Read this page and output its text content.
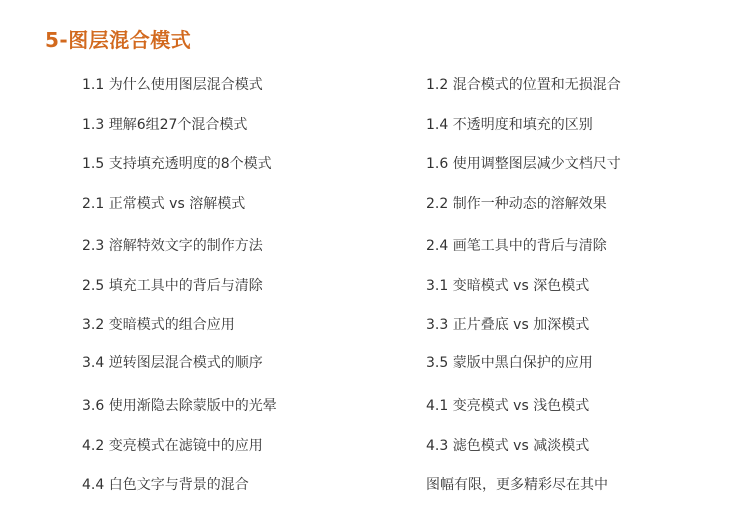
5-图层混合模式
1.1 为什么使用图层混合模式	1.2 混合模式的位置和无损混合
1.3 理解6组27个混合模式	1.4 不透明度和填充的区别
1.5 支持填充透明度的8个模式	1.6 使用调整图层减少文档尺寸
2.1 正常模式 vs 溶解模式	2.2 制作一种动态的溶解效果
2.3 溶解特效文字的制作方法	2.4 画笔工具中的背后与清除
2.5 填充工具中的背后与清除	3.1 变暗模式 vs 深色模式
3.2 变暗模式的组合应用	3.3 正片叠底 vs 加深模式
3.4 逆转图层混合模式的顺序	3.5 蒙版中黑白保护的应用
3.6 使用渐隐去除蒙版中的光晕	4.1 变亮模式 vs 浅色模式
4.2 变亮模式在滤镜中的应用	4.3 滤色模式 vs 减淡模式
4.4 白色文字与背景的混合	图幅有限，更多精彩尽在其中
